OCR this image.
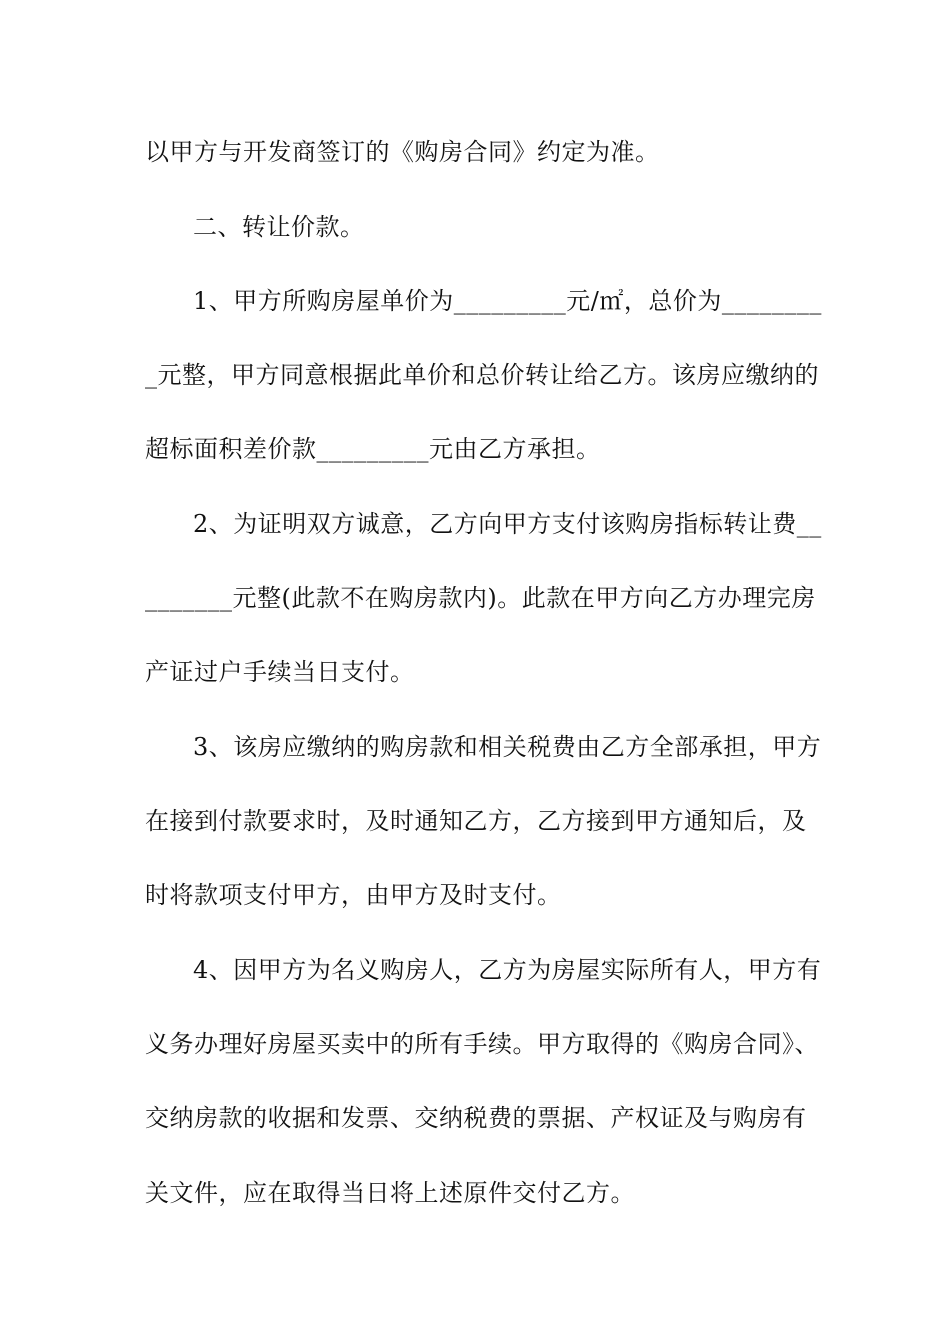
以甲方与开发商签订的《购房合同》约定为准。
二、转让价款。
1、甲方所购房屋单价为_________元/㎡，总价为________
_元整，甲方同意根据此单价和总价转让给乙方。该房应缴纳的
超标面积差价款_________元由乙方承担。
2、为证明双方诚意，乙方向甲方支付该购房指标转让费__
_______元整(此款不在购房款内)。此款在甲方向乙方办理完房
产证过户手续当日支付。
3、该房应缴纳的购房款和相关税费由乙方全部承担，甲方
在接到付款要求时，及时通知乙方，乙方接到甲方通知后，及
时将款项支付甲方，由甲方及时支付。
4、因甲方为名义购房人，乙方为房屋实际所有人，甲方有
义务办理好房屋买卖中的所有手续。甲方取得的《购房合同》、
交纳房款的收据和发票、交纳税费的票据、产权证及与购房有
关文件，应在取得当日将上述原件交付乙方。
